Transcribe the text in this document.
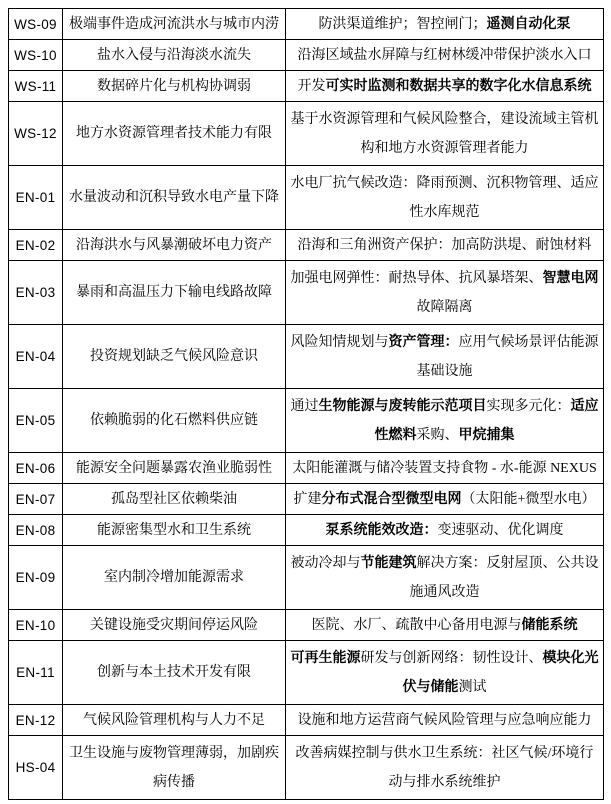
WS-09	极端事件造成河流洪水与城市内涝	防洪渠道维护；智控闸门；遥测自动化泵
WS-10	盐水入侵与沿海淡水流失	沿海区域盐水屏障与红树林缓冲带保护淡水入口
WS-11	数据碎片化与机构协调弱	开发可实时监测和数据共享的数字化水信息系统
WS-12	地方水资源管理者技术能力有限	基于水资源管理和气候风险整合，建设流域主管机构和地方水资源管理者能力
EN-01	水量波动和沉积导致水电产量下降	水电厂抗气候改造：降雨预测、沉积物管理、适应性水库规范
EN-02	沿海洪水与风暴潮破坏电力资产	沿海和三角洲资产保护：加高防洪堤、耐蚀材料
EN-03	暴雨和高温压力下输电线路故障	加强电网弹性：耐热导体、抗风暴塔架、智慧电网故障隔离
EN-04	投资规划缺乏气候风险意识	风险知情规划与资产管理：应用气候场景评估能源基础设施
EN-05	依赖脆弱的化石燃料供应链	通过生物能源与废转能示范项目实现多元化：适应性燃料采购、甲烷捕集
EN-06	能源安全问题暴露农渔业脆弱性	太阳能灌溉与储冷装置支持食物 - 水-能源 NEXUS
EN-07	孤岛型社区依赖柴油	扩建分布式混合型微型电网（太阳能+微型水电）
EN-08	能源密集型水和卫生系统	泵系统能效改造：变速驱动、优化调度
EN-09	室内制冷增加能源需求	被动冷却与节能建筑解决方案：反射屋顶、公共设施通风改造
EN-10	关键设施受灾期间停运风险	医院、水厂、疏散中心备用电源与储能系统
EN-11	创新与本土技术开发有限	可再生能源研发与创新网络：韧性设计、模块化光伏与储能测试
EN-12	气候风险管理机构与人力不足	设施和地方运营商气候风险管理与应急响应能力
HS-04	卫生设施与废物管理薄弱，加剧疾病传播	改善病媒控制与供水卫生系统：社区气候/环境行动与排水系统维护
